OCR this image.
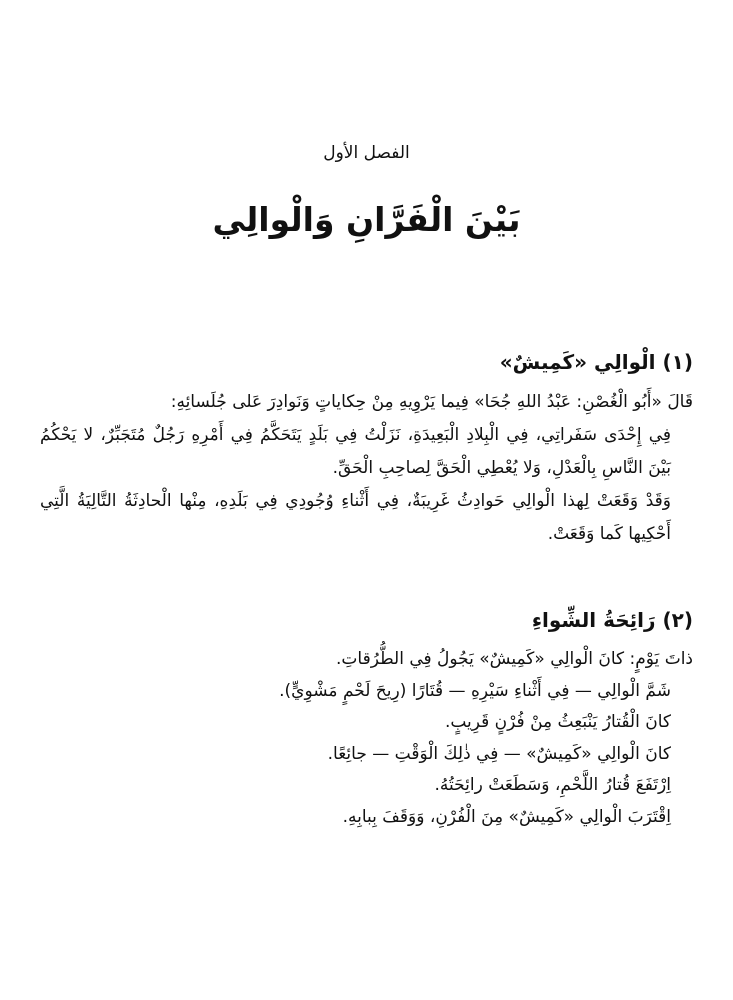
الفصل الأول
بَيْنَ الْفَرَّانِ وَالْوالِي
(١) الْوالِي «كَمِيشٌ»

قَالَ «أَبُو الْغُصْنِ: عَبْدُ اللهِ جُحَا» فِيما يَرْوِيهِ مِنْ حِكاياتٍ وَنَوادِرَ عَلى جُلَسائِهِ:

فِي إِحْدَى سَفَراتِي، فِي الْبِلادِ الْبَعِيدَةِ، نَزَلْتُ فِي بَلَدٍ يَتَحَكَّمُ فِي أَمْرِهِ رَجُلٌ مُتَجَبِّرٌ، لا يَحْكُمُ بَيْنَ النَّاسِ بِالْعَدْلِ، وَلا يُعْطِي الْحَقَّ لِصاحِبِ الْحَقِّ.

وَقَدْ وَقَعَتْ لِهذا الْوالِي حَوادِثُ غَرِيبَةٌ، فِي أَثْناءِ وُجُودِي فِي بَلَدِهِ، مِنْها الْحادِثَةُ التَّالِيَةُ الَّتِي أَحْكِيها كَما وَقَعَتْ.

(٢) رَائِحَةُ الشِّواءِ

ذاتَ يَوْمٍ: كانَ الْوالِي «كَمِيشٌ» يَجُولُ فِي الطُّرُقاتِ.

شَمَّ الْوالِي — فِي أَثْناءِ سَيْرِهِ — قُتَارًا (رِيحَ لَحْمٍ مَشْوِيٍّ).

كانَ الْقُتارُ يَنْبَعِثُ مِنْ فُرْنٍ قَرِيبٍ.

كانَ الْوالِي «كَمِيشٌ» — فِي ذٰلِكَ الْوَقْتِ — جائِعًا.

اِرْتَفَعَ قُتارُ اللَّحْمِ، وَسَطَعَتْ رائِحَتُهُ.

اِقْتَرَبَ الْوالِي «كَمِيشٌ» مِنَ الْفُرْنِ، وَوَقَفَ بِبابِهِ.
